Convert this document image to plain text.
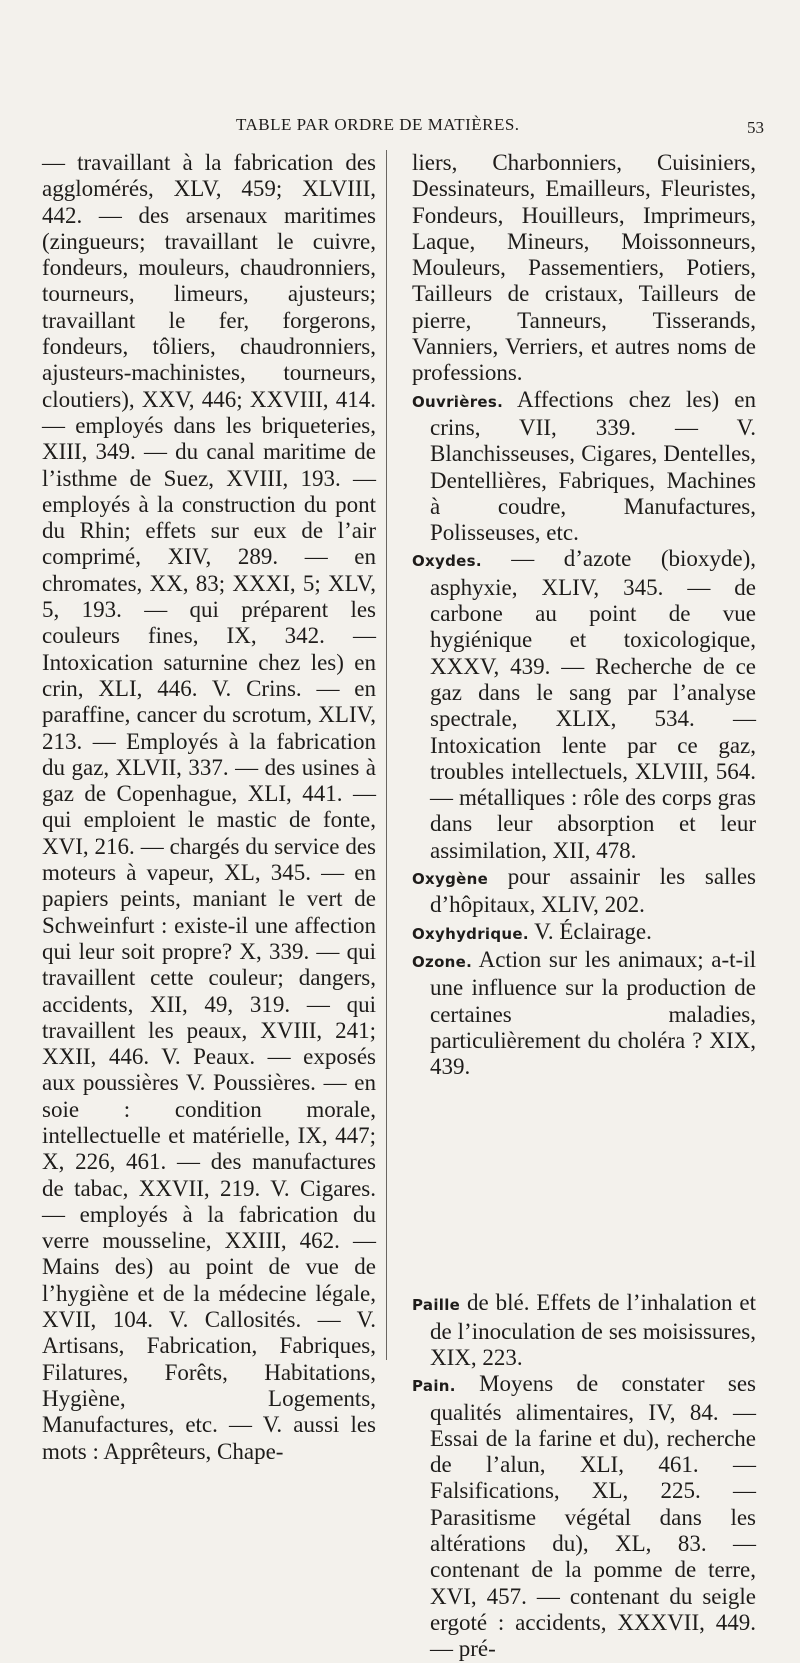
TABLE PAR ORDRE DE MATIÈRES.	53

— travaillant à la fabrication des agglomérés, XLV, 459; XLVIII, 442. — des arsenaux maritimes (zingueurs; travaillant le cuivre, fondeurs, mouleurs, chaudronniers, tourneurs, limeurs, ajusteurs; travaillant le fer, forgerons, fondeurs, tôliers, chaudronniers, ajusteurs-machinistes, tourneurs, cloutiers), XXV, 446; XXVIII, 414. — employés dans les briqueteries, XIII, 349. — du canal maritime de l’isthme de Suez, XVIII, 193. — employés à la construction du pont du Rhin; effets sur eux de l’air comprimé, XIV, 289. — en chromates, XX, 83; XXXI, 5; XLV, 5, 193. — qui préparent les couleurs fines, IX, 342. — Intoxication saturnine chez les) en crin, XLI, 446. V. Crins. — en paraffine, cancer du scrotum, XLIV, 213. — Employés à la fabrication du gaz, XLVII, 337. — des usines à gaz de Copenhague, XLI, 441. — qui emploient le mastic de fonte, XVI, 216. — chargés du service des moteurs à vapeur, XL, 345. — en papiers peints, maniant le vert de Schweinfurt : existe-il une affection qui leur soit propre? X, 339. — qui travaillent cette couleur; dangers, accidents, XII, 49, 319. — qui travaillent les peaux, XVIII, 241; XXII, 446. V. Peaux. — exposés aux poussières V. Poussières. — en soie : condition morale, intellectuelle et matérielle, IX, 447; X, 226, 461. — des manufactures de tabac, XXVII, 219. V. Cigares. — employés à la fabrication du verre mousseline, XXIII, 462. — Mains des) au point de vue de l’hygiène et de la médecine légale, XVII, 104. V. Callosités. — V. Artisans, Fabrication, Fabriques, Filatures, Forêts, Habitations, Hygiène, Logements, Manufactures, etc. — V. aussi les mots : Apprêteurs, Chape-

liers, Charbonniers, Cuisiniers, Dessinateurs, Emailleurs, Fleuristes, Fondeurs, Houilleurs, Imprimeurs, Laque, Mineurs, Moissonneurs, Mouleurs, Passementiers, Potiers, Tailleurs de cristaux, Tailleurs de pierre, Tanneurs, Tisserands, Vanniers, Verriers, et autres noms de professions.

Ouvrières. Affections chez les) en crins, VII, 339. — V. Blanchisseuses, Cigares, Dentelles, Dentellières, Fabriques, Machines à coudre, Manufactures, Polisseuses, etc.

Oxydes. — d’azote (bioxyde), asphyxie, XLIV, 345. — de carbone au point de vue hygiénique et toxicologique, XXXV, 439. — Recherche de ce gaz dans le sang par l’analyse spectrale, XLIX, 534. — Intoxication lente par ce gaz, troubles intellectuels, XLVIII, 564. — métalliques : rôle des corps gras dans leur absorption et leur assimilation, XII, 478.

Oxygène pour assainir les salles d’hôpitaux, XLIV, 202.

Oxyhydrique. V. Éclairage.

Ozone. Action sur les animaux; a-t-il une influence sur la production de certaines maladies, particulièrement du choléra ? XIX, 439.

Paille de blé. Effets de l’inhalation et de l’inoculation de ses moisissures, XIX, 223.

Pain. Moyens de constater ses qualités alimentaires, IV, 84. — Essai de la farine et du), recherche de l’alun, XLI, 461. — Falsifications, XL, 225. — Parasitisme végétal dans les altérations du), XL, 83. — contenant de la pomme de terre, XVI, 457. — contenant du seigle ergoté : accidents, XXXVII, 449. — pré-
